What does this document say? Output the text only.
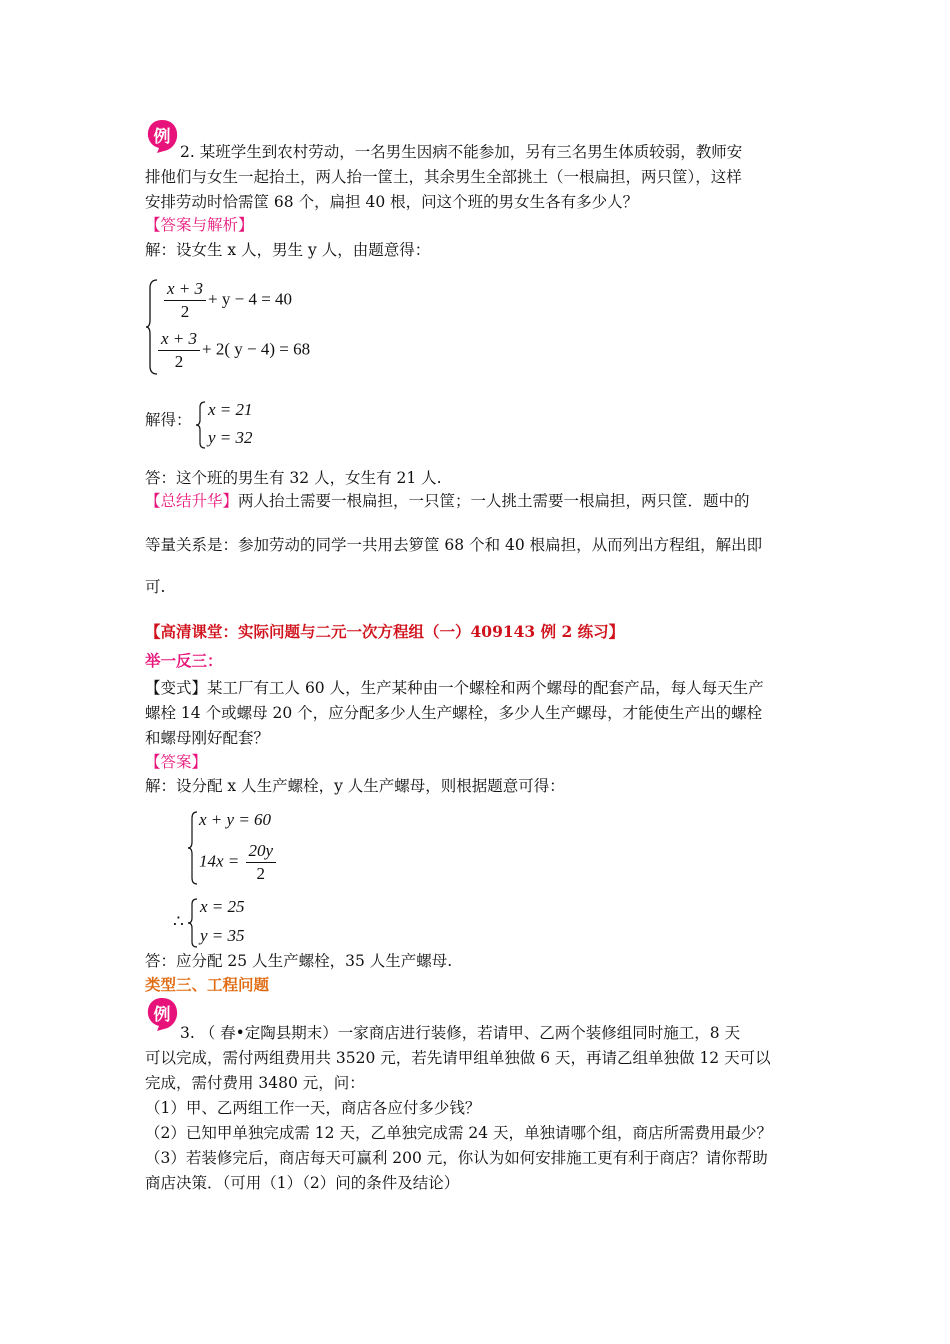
例
2. 某班学生到农村劳动，一名男生因病不能参加，另有三名男生体质较弱，教师安
排他们与女生一起抬土，两人抬一筐土，其余男生全部挑土（一根扁担，两只筐），这样
安排劳动时恰需筐 68 个，扁担 40 根，问这个班的男女生各有多少人？
【答案与解析】
解：设女生 x 人，男生 y 人，由题意得：
$\frac{x + 3}{2} + y - 4 = 40$
$\frac{x + 3}{2} + 2$( y − 4) = 68
解得：
x = 21
y = 32
答：这个班的男生有 32 人，女生有 21 人.
【总结升华】两人抬土需要一根扁担，一只筐；一人挑土需要一根扁担，两只筐．题中的
等量关系是：参加劳动的同学一共用去箩筐 68 个和 40 根扁担，从而列出方程组，解出即
可.
【高清课堂：实际问题与二元一次方程组（一）409143 例 2 练习】
举一反三：
【变式】某工厂有工人 60 人，生产某种由一个螺栓和两个螺母的配套产品，每人每天生产
螺栓 14 个或螺母 20 个，应分配多少人生产螺栓，多少人生产螺母，才能使生产出的螺栓
和螺母刚好配套？
【答案】
解：设分配 x 人生产螺栓，y 人生产螺母，则根据题意可得：
x + y = 60
$14x = \frac{20y}{2}$
∴
x = 25
y = 35
答：应分配 25 人生产螺栓，35 人生产螺母.
类型三、工程问题
例
3. （ 春•定陶县期末）一家商店进行装修，若请甲、乙两个装修组同时施工，8 天
可以完成，需付两组费用共 3520 元，若先请甲组单独做 6 天，再请乙组单独做 12 天可以
完成，需付费用 3480 元，问：
（1）甲、乙两组工作一天，商店各应付多少钱？
（2）已知甲单独完成需 12 天，乙单独完成需 24 天，单独请哪个组，商店所需费用最少？
（3）若装修完后，商店每天可赢利 200 元，你认为如何安排施工更有利于商店？请你帮助
商店决策．（可用（1）（2）问的条件及结论）
